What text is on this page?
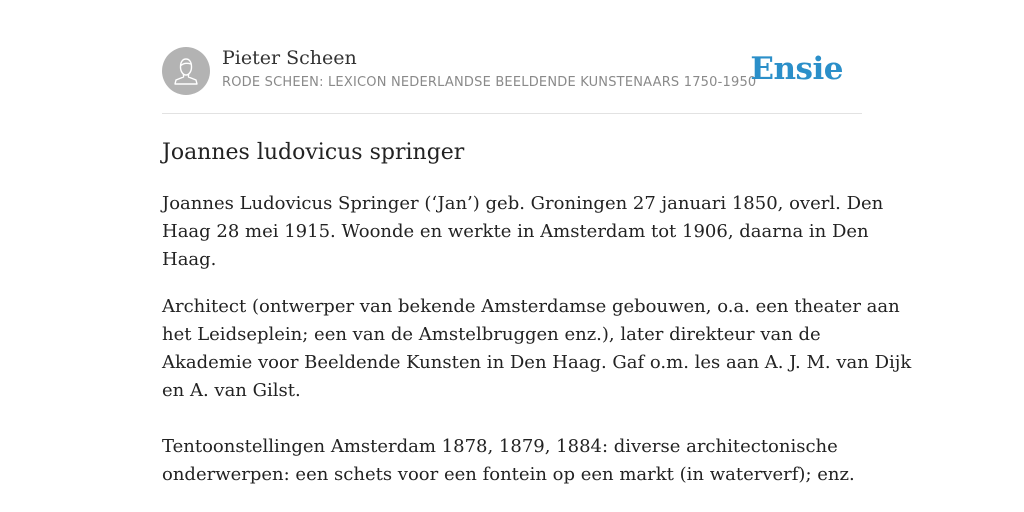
Pieter Scheen
RODE SCHEEN: LEXICON NEDERLANDSE BEELDENDE KUNSTENAARS 1750-1950
Ensie
Joannes ludovicus springer

Joannes Ludovicus Springer (‘Jan’) geb. Groningen 27 januari 1850, overl. Den
Haag 28 mei 1915. Woonde en werkte in Amsterdam tot 1906, daarna in Den
Haag.

Architect (ontwerper van bekende Amsterdamse gebouwen, o.a. een theater aan
het Leidseplein; een van de Amstelbruggen enz.), later direkteur van de
Akademie voor Beeldende Kunsten in Den Haag. Gaf o.m. les aan A. J. M. van Dijk
en A. van Gilst.

Tentoonstellingen Amsterdam 1878, 1879, 1884: diverse architectonische
onderwerpen: een schets voor een fontein op een markt (in waterverf); enz.
